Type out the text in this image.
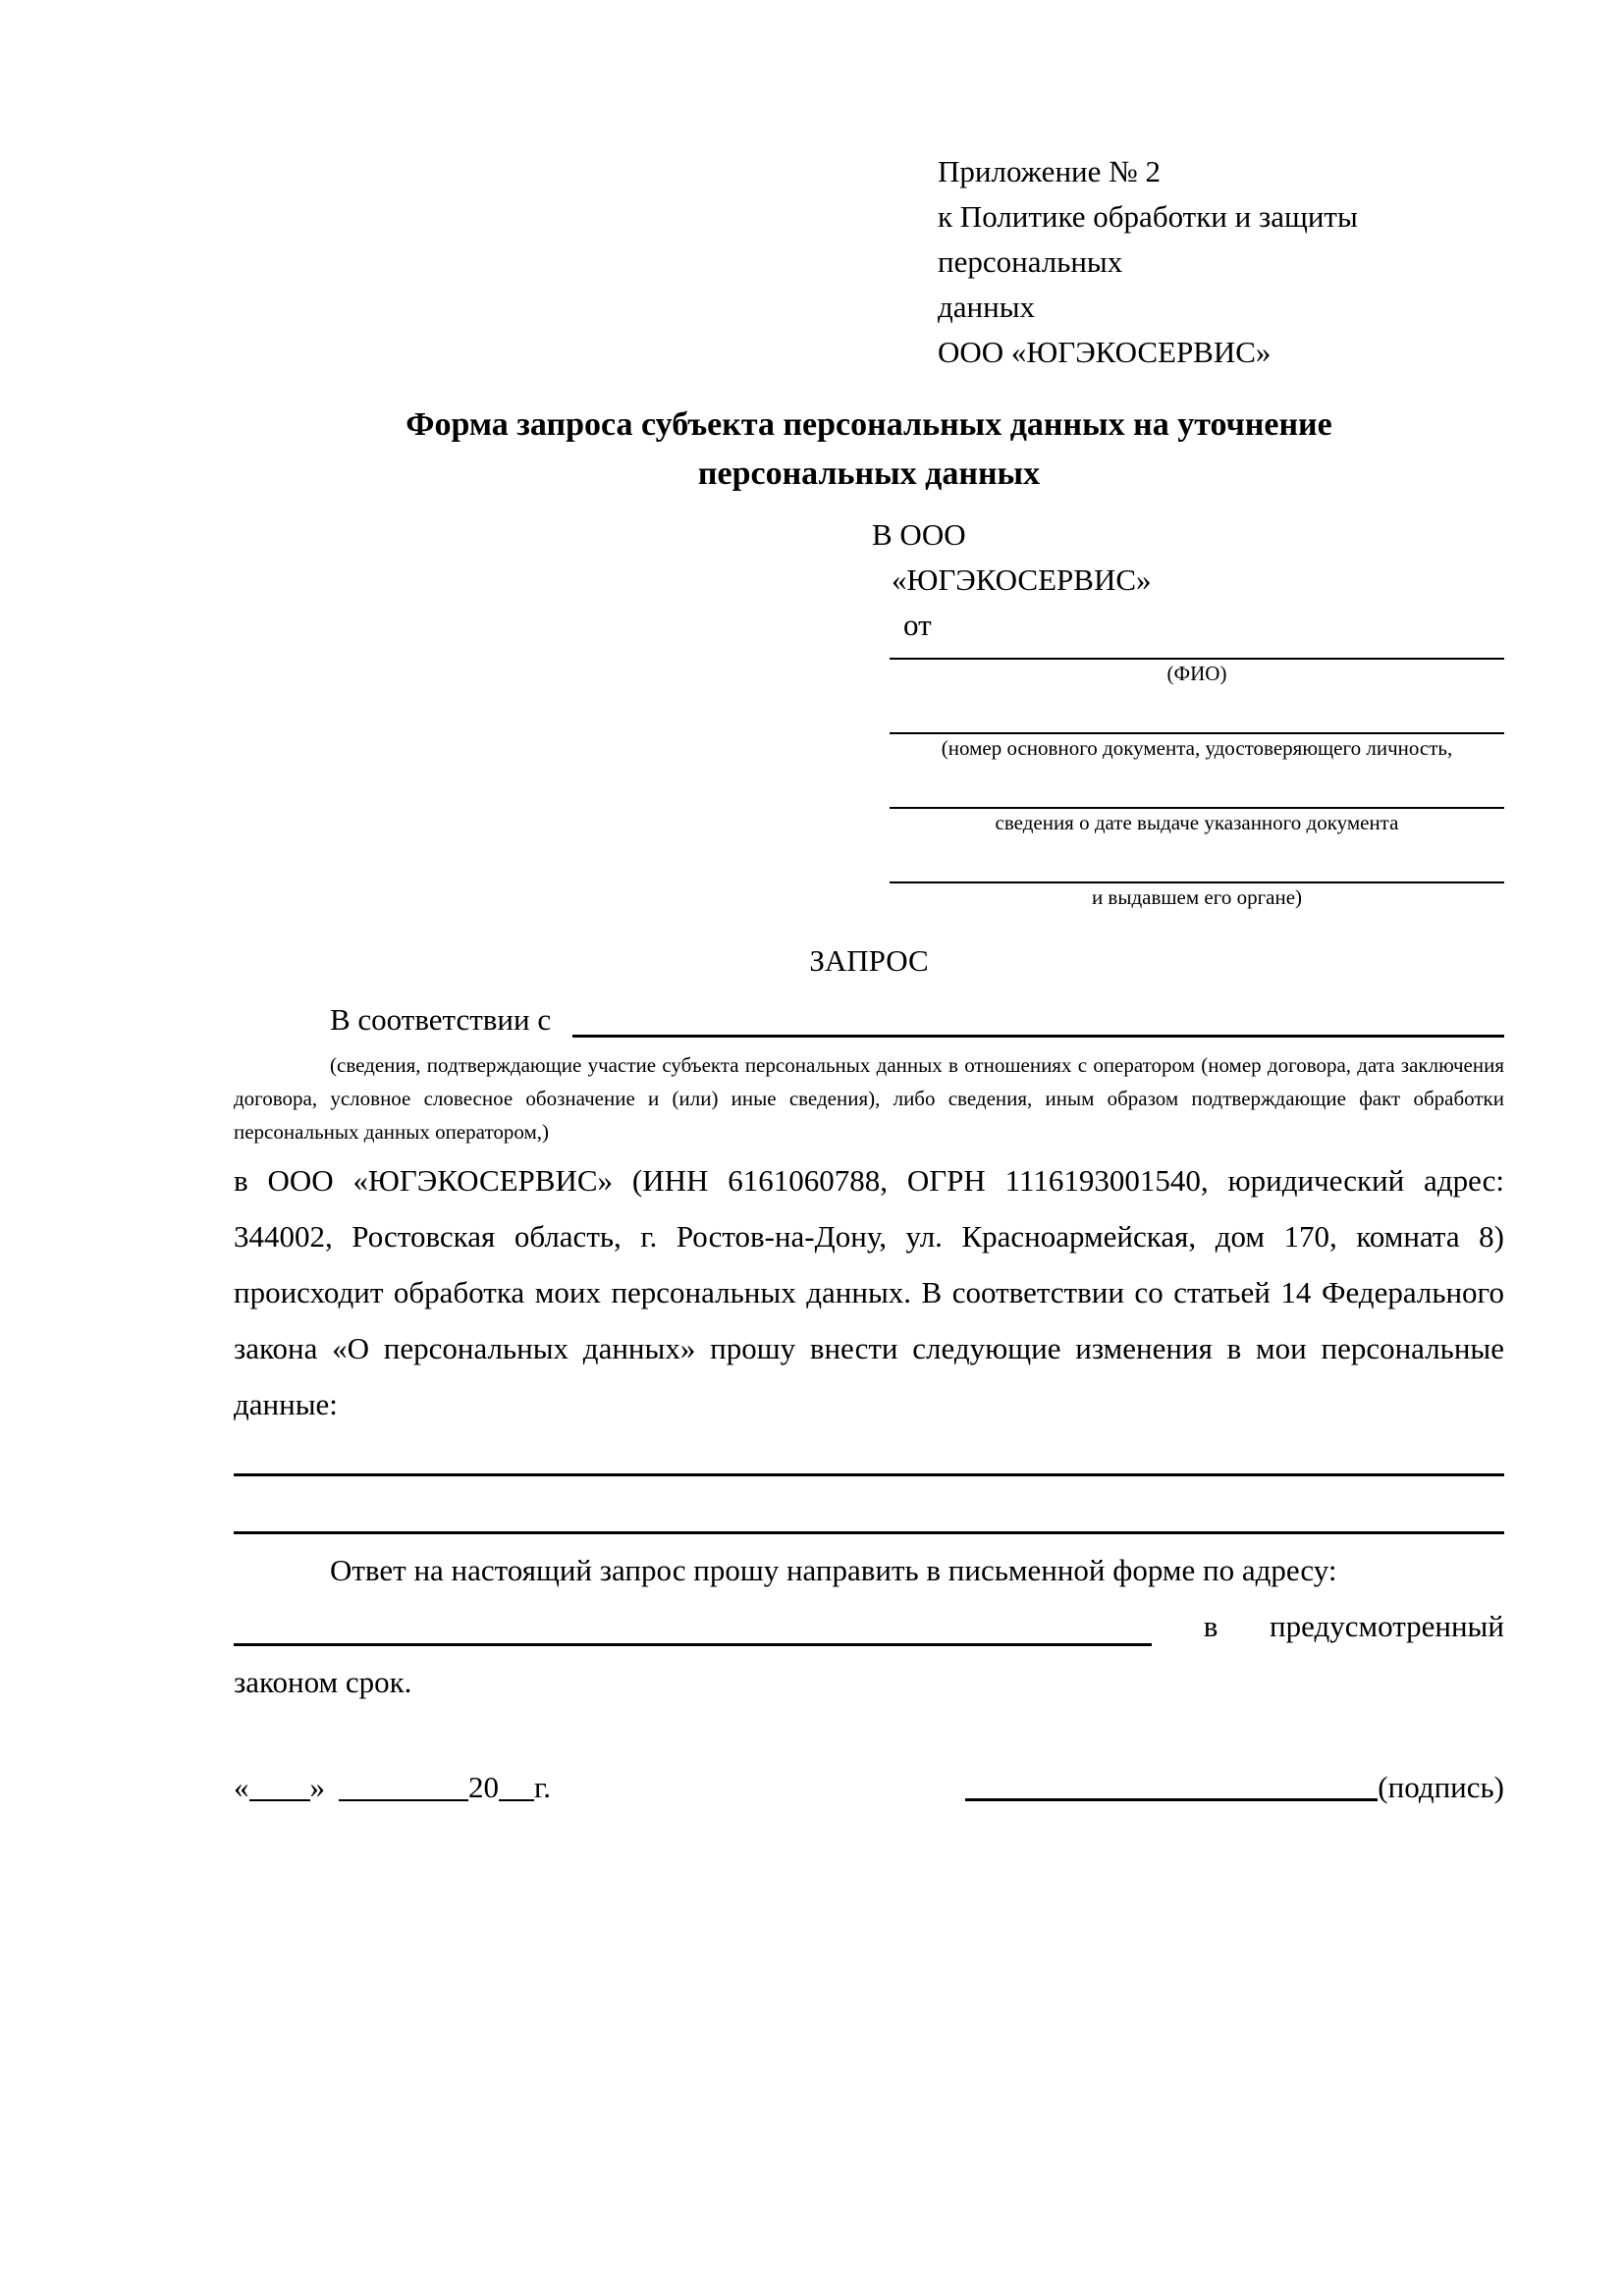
Приложение № 2
к Политике обработки и защиты персональных
данных
ООО «ЮГЭКОСЕРВИС»
Форма запроса субъекта персональных данных на уточнение персональных данных
В ООО
«ЮГЭКОСЕРВИС»
от
(ФИО)
(номер основного документа, удостоверяющего личность,
сведения о дате выдаче указанного документа
и выдавшем его органе)
ЗАПРОС
В соответствии с
(сведения, подтверждающие участие субъекта персональных данных в отношениях с оператором (номер договора, дата заключения договора, условное словесное обозначение и (или) иные сведения), либо сведения, иным образом подтверждающие факт обработки персональных данных оператором,)
в ООО «ЮГЭКОСЕРВИС» (ИНН 6161060788, ОГРН 1116193001540, юридический адрес: 344002, Ростовская область, г. Ростов-на-Дону, ул. Красноармейская, дом 170, комната 8) происходит обработка моих персональных данных. В соответствии со статьей 14 Федерального закона «О персональных данных» прошу внести следующие изменения в мои персональные данные:
Ответ на настоящий запрос прошу направить в письменной форме по адресу:
в предусмотренный
законом срок.
« »	20 г.	(подпись)
